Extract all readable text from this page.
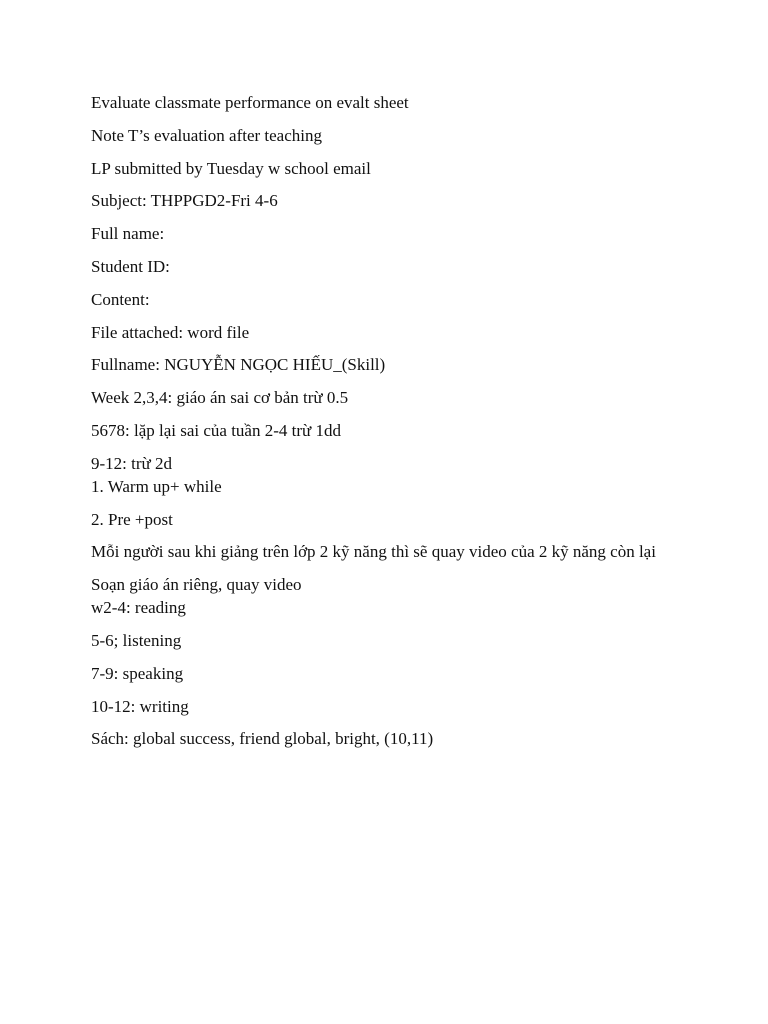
Evaluate classmate performance on evalt sheet
Note T’s evaluation after teaching
LP submitted by Tuesday w school email
Subject: THPPGD2-Fri 4-6
Full name:
Student ID:
Content:
File attached: word file
Fullname: NGUYỄN NGỌC HIẾU_(Skill)
Week 2,3,4: giáo án sai cơ bản trừ 0.5
5678: lặp lại sai của tuần 2-4 trừ 1dd
9-12: trừ 2d
1. Warm up+ while
2. Pre +post
Mỗi người sau khi giảng trên lớp 2 kỹ năng thì sẽ quay video của 2 kỹ năng còn lại
Soạn giáo án riêng, quay video
w2-4: reading
5-6; listening
7-9: speaking
10-12: writing
Sách: global success, friend global, bright, (10,11)
